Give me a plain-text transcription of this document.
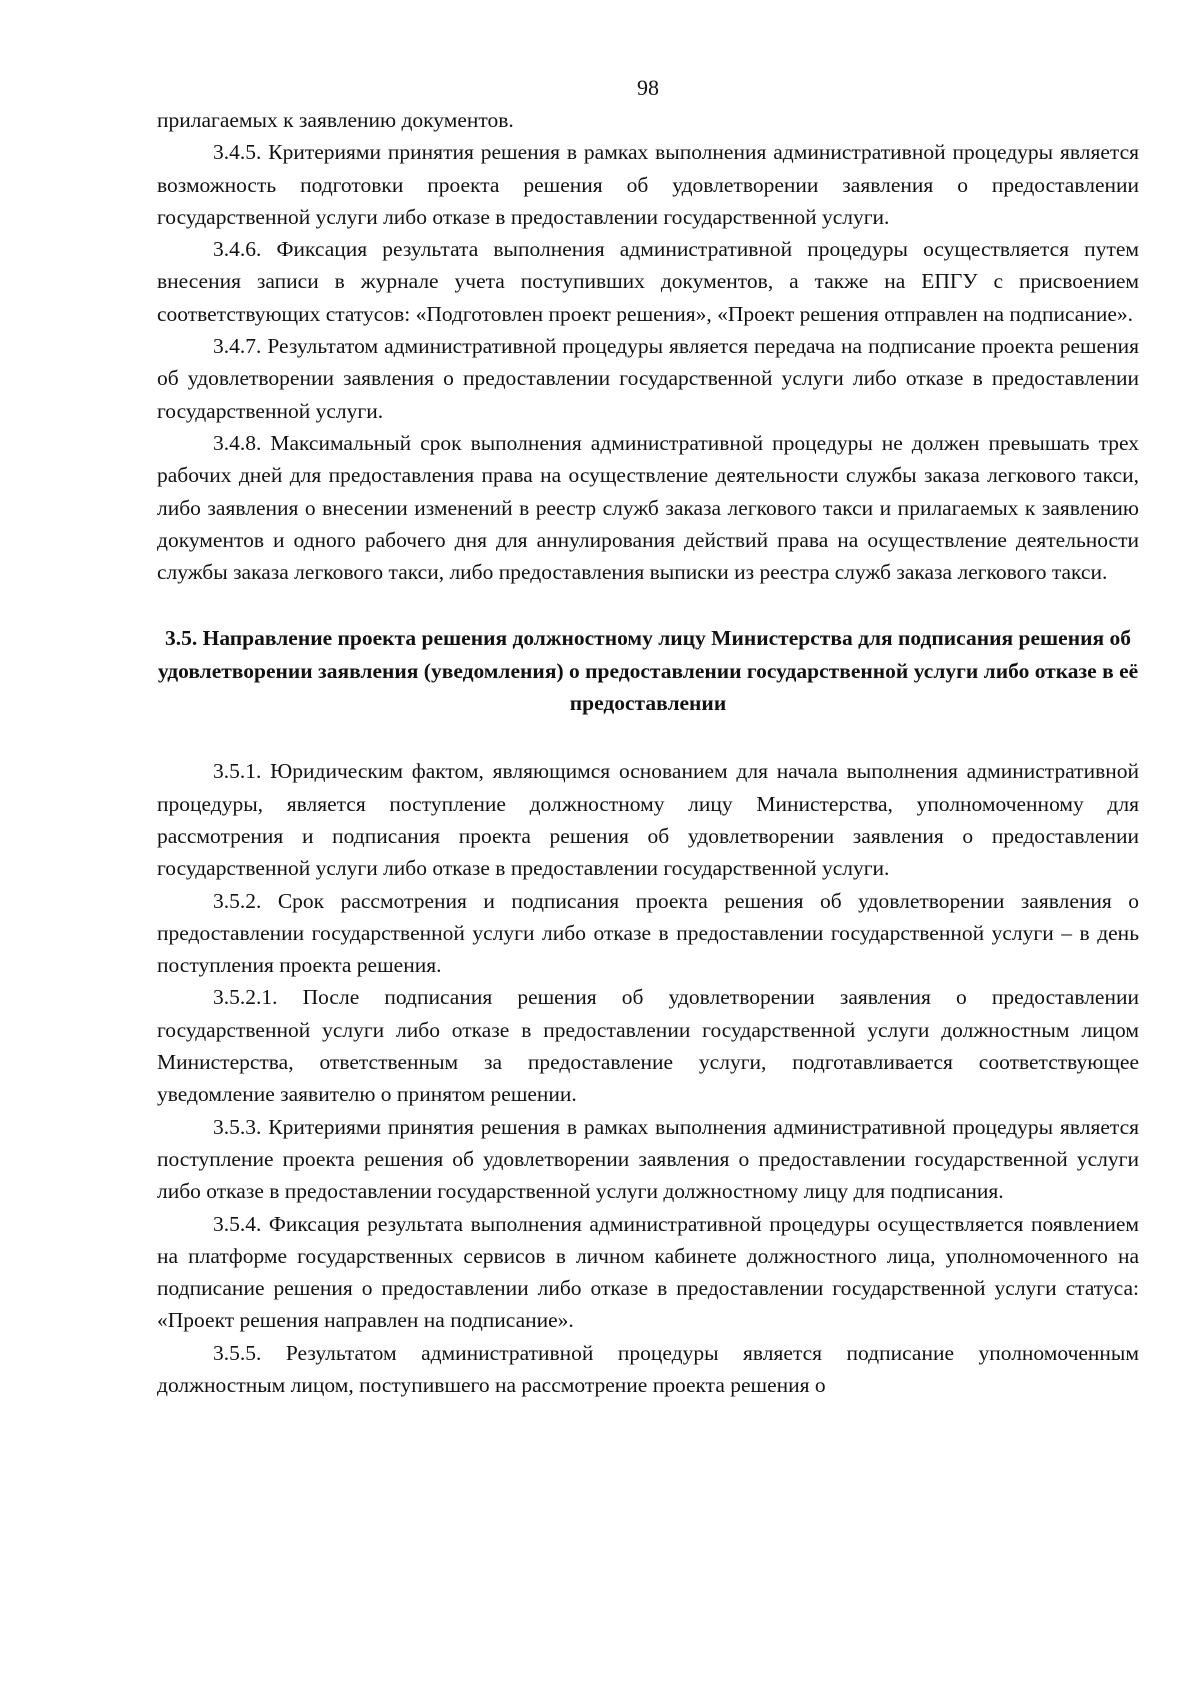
98

прилагаемых к заявлению документов.

3.4.5. Критериями принятия решения в рамках выполнения административной процедуры является возможность подготовки проекта решения об удовлетворении заявления о предоставлении государственной услуги либо отказе в предоставлении государственной услуги.

3.4.6. Фиксация результата выполнения административной процедуры осуществляется путем внесения записи в журнале учета поступивших документов, а также на ЕПГУ с присвоением соответствующих статусов: «Подготовлен проект решения», «Проект решения отправлен на подписание».

3.4.7. Результатом административной процедуры является передача на подписание проекта решения об удовлетворении заявления о предоставлении государственной услуги либо отказе в предоставлении государственной услуги.

3.4.8. Максимальный срок выполнения административной процедуры не должен превышать трех рабочих дней для предоставления права на осуществление деятельности службы заказа легкового такси, либо заявления о внесении изменений в реестр служб заказа легкового такси и прилагаемых к заявлению документов и одного рабочего дня для аннулирования действий права на осуществление деятельности службы заказа легкового такси, либо предоставления выписки из реестра служб заказа легкового такси.

3.5. Направление проекта решения должностному лицу Министерства для подписания решения об удовлетворении заявления (уведомления) о предоставлении государственной услуги либо отказе в её предоставлении

3.5.1. Юридическим фактом, являющимся основанием для начала выполнения административной процедуры, является поступление должностному лицу Министерства, уполномоченному для рассмотрения и подписания проекта решения об удовлетворении заявления о предоставлении государственной услуги либо отказе в предоставлении государственной услуги.

3.5.2. Срок рассмотрения и подписания проекта решения об удовлетворении заявления о предоставлении государственной услуги либо отказе в предоставлении государственной услуги – в день поступления проекта решения.

3.5.2.1. После подписания решения об удовлетворении заявления о предоставлении государственной услуги либо отказе в предоставлении государственной услуги должностным лицом Министерства, ответственным за предоставление услуги, подготавливается соответствующее уведомление заявителю о принятом решении.

3.5.3. Критериями принятия решения в рамках выполнения административной процедуры является поступление проекта решения об удовлетворении заявления о предоставлении государственной услуги либо отказе в предоставлении государственной услуги должностному лицу для подписания.

3.5.4. Фиксация результата выполнения административной процедуры осуществляется появлением на платформе государственных сервисов в личном кабинете должностного лица, уполномоченного на подписание решения о предоставлении либо отказе в предоставлении государственной услуги статуса: «Проект решения направлен на подписание».

3.5.5. Результатом административной процедуры является подписание уполномоченным должностным лицом, поступившего на рассмотрение проекта решения о
